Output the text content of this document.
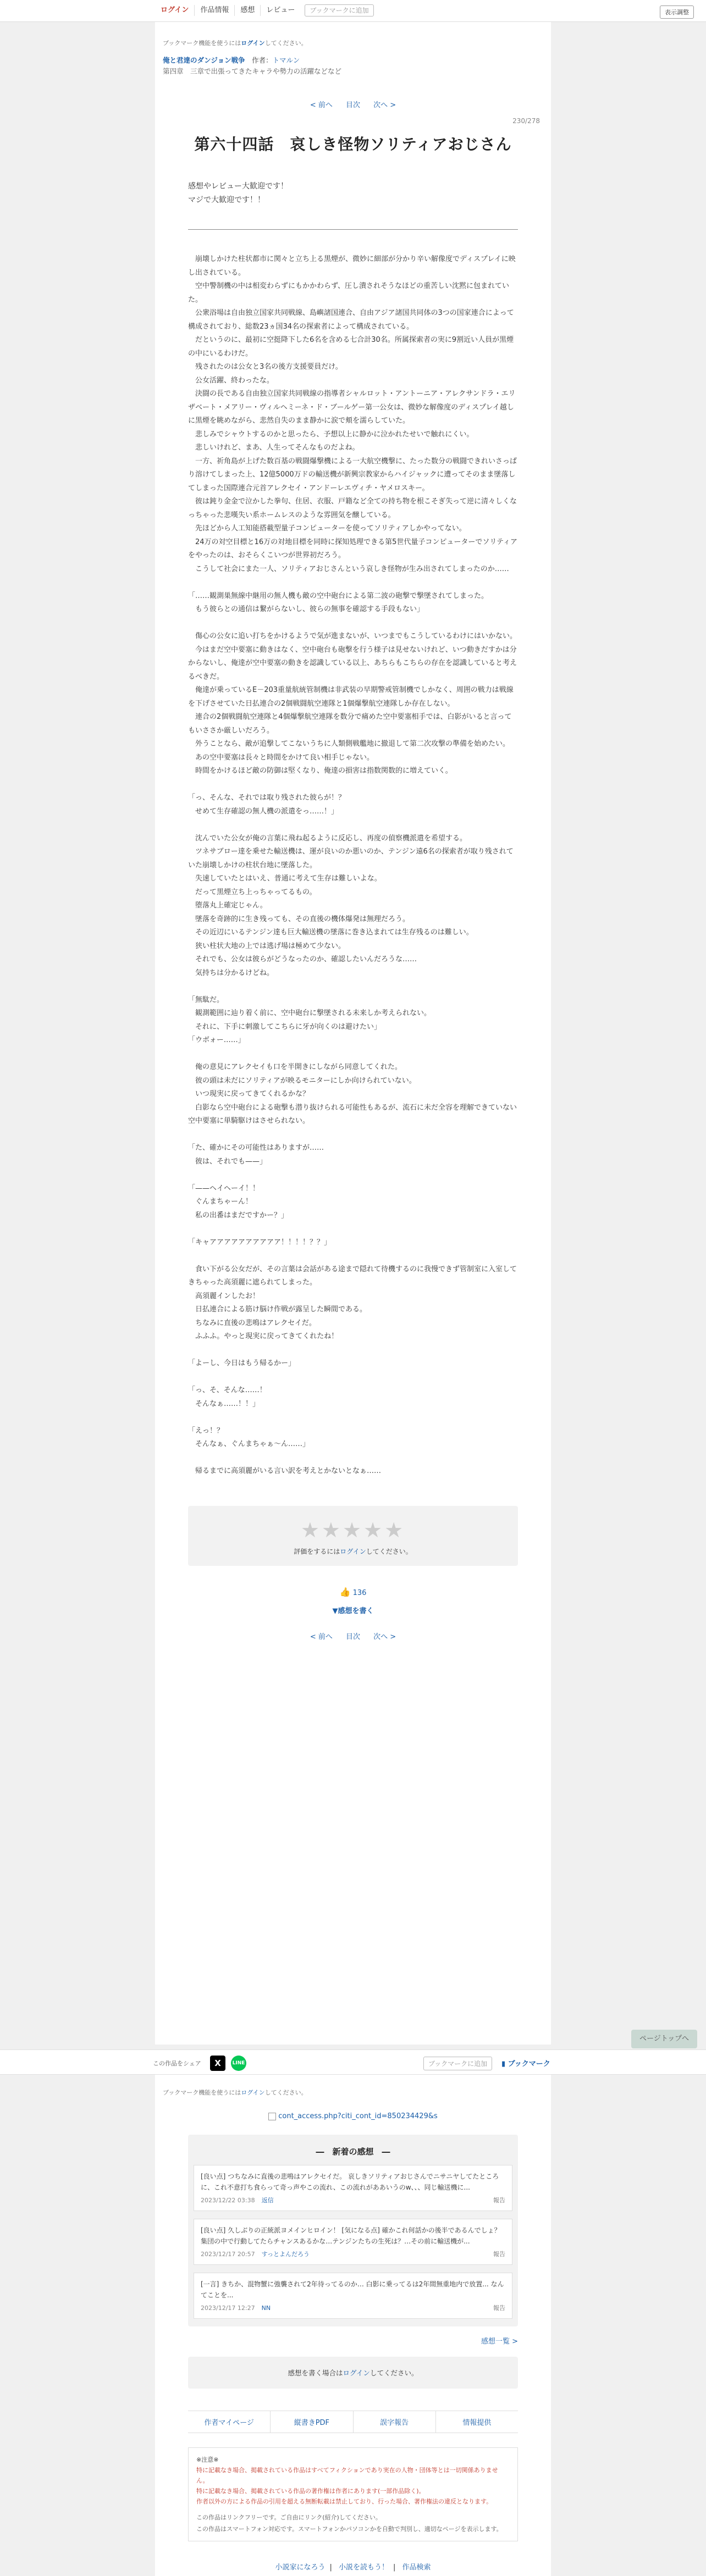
ログイン	作品情報	感想	レビュー	ブックマークに追加	表示調整
ブックマーク機能を使うにはログインしてください。
俺と君達のダンジョン戦争　 作者：トマルン
第四章　三章で出張ってきたキャラや勢力の活躍などなど
< 前へ 目次 次へ >
230/278
第六十四話　哀しき怪物ソリティアおじさん

感想やレビュー大歓迎です！

マジで大歓迎です！！

　崩壊しかけた柱状都市に関々と立ち上る黒煙が、微妙に細部が分かり辛い解像度でディスプレイに映し出されている。

　空中警制機の中は相変わらずにもかかわらず、圧し潰されそうなほどの重苦しい沈黙に包まれていた。

　公衆浴場は自由独立国家共同戦線、島嶼諸国連合、自由アジア諸国共同体の3つの国家連合によって構成されており、総数23ヵ国34名の探索者によって構成されている。

　だというのに、最初に空挺降下した6名を含める七合計30名。所属探索者の実に9割近い人員が黒煙の中にいるわけだ。

　残されたのは公女と3名の後方支援要員だけ。

　公女活躍、終わったな。

　決闘の長である自由独立国家共同戦線の指導者シャルロット・アントーニア・アレクサンドラ・エリザベート・メアリー・ヴィルヘミーネ・ド・ブールゲー第一公女は、微妙な解像度のディスプレイ越しに黒煙を眺めながら、悲然自失のまま静かに涙で頬を濡らしていた。

　悲しみでシャウトするのかと思ったら、予想以上に静かに泣かれたせいで触れにくい。

　悲しいけれど、まあ、人生ってそんなものだよね。

　一方、祈角島が上げた数百基の戦闘爆撃機による一大航空機撃に、たった数分の戦闘できれいさっぱり溶けてしまった上、12億5000万ドの輸送機が新興宗教家からハイジャックに遭ってそのまま墜落してしまった国際連合元首アレクセイ・アンドーレエヴィチ・ヤメロスキー。

　彼は鈍り金金で泣かした拳句、住居、衣服、戸籍など全ての持ち物を根こそぎ失って逆に清々しくなっちゃった悲嘆失い系ホームレスのような雰囲気を醸している。

　先ほどから人工知能搭載型量子コンピューターを使ってソリティアしかやってない。

　24万の対空目標と16万の対地目標を同時に探知処理できる第5世代量子コンピューターでソリティアをやったのは、おそらくこいつが世界初だろう。

　こうして社会にまた一人、ソリティアおじさんという哀しき怪物が生み出されてしまったのか……

「……観測巣無線中継用の無人機も敵の空中砲台による第二波の砲撃で撃墜されてしまった。

　もう彼らとの通信は繋がらないし、彼らの無事を確認する手段もない」

　傷心の公女に追い打ちをかけるようで気が進まないが、いつまでもこうしているわけにはいかない。

　今はまだ空中要塞に動きはなく、空中砲台も砲撃を行う様子は見せないけれど、いつ動きだすかは分からないし、俺達が空中要塞の動きを認識している以上、あちらもこちらの存在を認識していると考えるべきだ。

　俺達が乗っているE－203重量航統管制機は非武装の早期警戒管制機でしかなく、周囲の戦力は戦線を下げさせていた日払連合の2個戦闘航空連隊と1個爆撃航空連隊しか存在しない。

　連合の2個戦闘航空連隊と4個爆撃航空連隊を数分で痛めた空中要塞相手では、白影がいると言ってもいささか厳しいだろう。

　外うことなら、敵が追撃してこないうちに人類側戦艦地に撤退して第二次攻撃の準備を始めたい。

　あの空中要塞は長々と時間をかけて良い相手じゃない。

　時間をかけるほど敵の防御は堅くなり、俺達の損害は指数関数的に増えていく。

「っ、そんな、それでは取り残された彼らが！？

　せめて生存確認の無人機の派遣をっ……！」

　沈んでいた公女が俺の言葉に飛ね起るように反応し、再度の偵察機派遣を希望する。

　ツネサブロー達を乗せた輸送機は、運が良いのか悪いのか、テンジン遠6名の探索者が取り残されていた崩壊しかけの柱状台地に墜落した。

　失速していたとはいえ、普通に考えて生存は難しいよな。

　だって黒煙立ち上っちゃってるもの。

　堕落丸上確定じゃん。

　墜落を奇跡的に生き残っても、その直後の機体爆発は無理だろう。

　その近辺にいるテンジン達も巨大輸送機の墜落に巻き込まれては生存残るのは難しい。

　狭い柱状大地の上では逃げ場は極めて少ない。

　それでも、公女は彼らがどうなったのか、確認したいんだろうな……

　気持ちは分かるけどね。

「無駄だ。

　観測範囲に辿り着く前に、空中砲台に撃墜される未来しか考えられない。

　それに、下手に刺激してこちらに牙が向くのは避けたい」

「ウボォー……」

　俺の意見にアレクセイも口を半開きにしながら同意してくれた。

　彼の頭は未だにソリティアが映るモニターにしか向けられていない。

　いつ現実に戻ってきてくれるかな？

　白影なら空中砲台による砲撃も潜り抜けられる可能性もあるが、流石に未だ全容を理解できていない空中要塞に単騎駆けはさせられない。

「た、確かにその可能性はありますが……

　彼は、それでも——」

「——ヘイヘーイ！！

　ぐんまちゃーん！

　私の出番はまだですかー？」

「キャアアアアアアアアアア！！！！？？」

　食い下がる公女だが、その言葉は会話がある途まで隠れて待機するのに我慢できず管制室に入室してきちゃった高須麗に遮られてしまった。

　高須麗インしたお！

　日払連合による筋け脳け作戦が露呈した瞬間である。

　ちなみに直後の悲鳴はアレクセイだ。

　ふふふ。やっと現実に戻ってきてくれたね！

「よーし、今日はもう帰るかー」

「っ、そ、そんな……！

　そんなぁ……！！」

「えっ！？

　そんなぁ、ぐんまちゃぁ～ん……」

　帰るまでに高須麗がいる言い訳を考えとかないとなぁ……

★★★★★
評価をするにはログインしてください。
👍 136
▼感想を書く
< 前へ 目次 次へ >
ページトップへ
この作品をシェア	X	LINE	ブックマークに追加	▮ ブックマーク
ブックマーク機能を使うにはログインしてください。
cont_access.php?citi_cont_id=850234429&s
―　新着の感想　―
[良い点] つちなみに直後の悲鳴はアレクセイだ。 哀しきソリティアおじさんでニサニヤしてたところに、これ不意打ち食らって奇っ声やこの流れ、この流れがああいうのw、、、同じ輸送機に...
2023/12/22 03:38 返信	報告
[良い点] 久しぶりの正統派ヨメインヒロイン！ [気になる点] 確かこれ何話かの後半であるんでしょ？ 集団の中で行動してたらチャンスあるかな…テンジンたちの生死は？…その前に輸送機が...
2023/12/17 20:57 すっとよんだろう	報告
[一言] きちか、混物蟹に強襲されて2年待ってるのか… 白影に乗ってるは2年間無重地内で放置... なんてことを...
2023/12/17 12:27 NN	報告
感想一覧 >
感想を書く場合はログインしてください。
作者マイページ	縦書きPDF	誤字報告	情報提供
※注意※
特に記載なき場合、掲載されている作品はすべてフィクションであり実在の人物・団体等とは一切関係ありません。
特に記載なき場合、掲載されている作品の著作権は作者にあります(一部作品除く)。
作者以外の方による作品の引用を超える無断転載は禁止しており、行った場合、著作権法の違反となります。
この作品はリンクフリーです。ご自由にリンク(紹介)してください。
この作品はスマートフォン対応です。スマートフォンかパソコンかを自動で判別し、適切なページを表示します。
小説家になろう | 小説を読もう！ | 作品検索
